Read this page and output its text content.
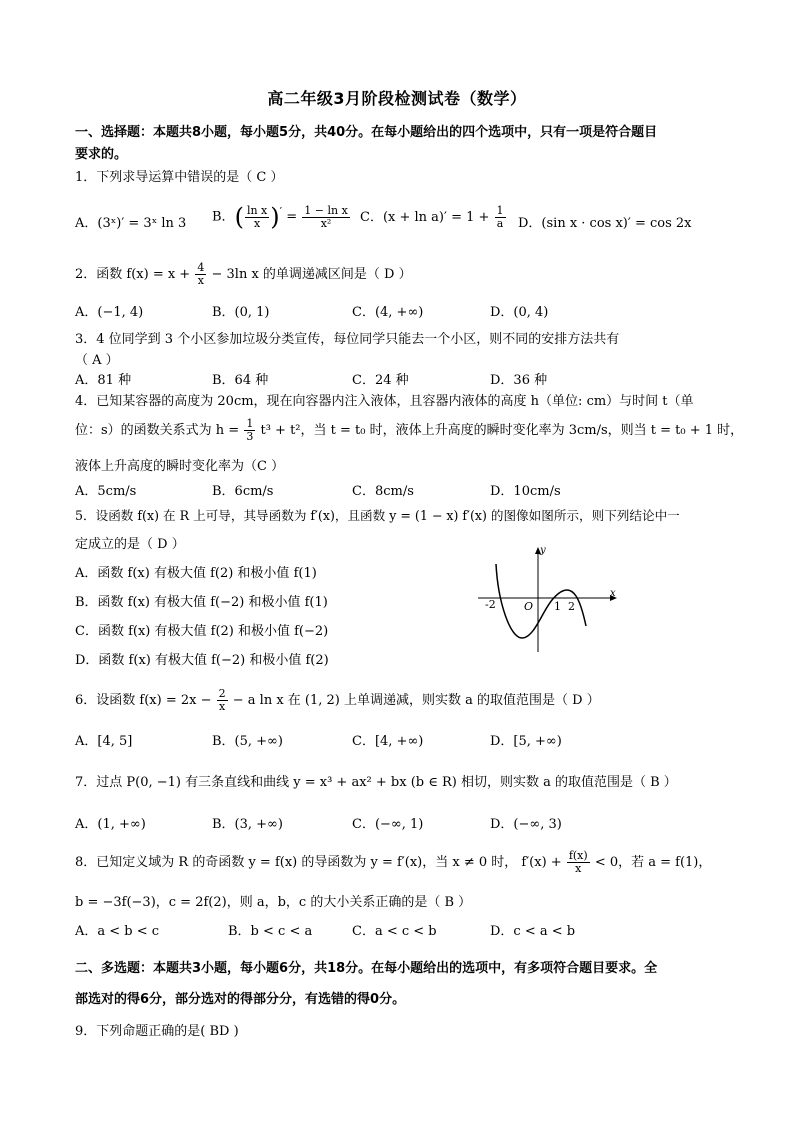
高二年级3月阶段检测试卷（数学）
一、选择题：本题共8小题，每小题5分，共40分。在每小题给出的四个选项中，只有一项是符合题目
要求的。
1．下列求导运算中错误的是（ C ）
A．(3ˣ)′ = 3ˣ ln 3 B．( $\frac{\text{ln x}}{x} )' = \frac{\text{1 − ln x}}{\text{x²}}$ C．$(x + \ln a)' = 1 + \frac{1}{a}$ D．(sin x · cos x)′ = cos 2x
2．函数 $f(x) = x + \frac{4}{x} - 3\ln$ x 的单调递减区间是（ D ）
A．(−1, 4)	B．(0, 1)	C．(4, +∞)	D．(0, 4)
3．4 位同学到 3 个小区参加垃圾分类宣传，每位同学只能去一个小区，则不同的安排方法共有
（ A ）
A．81 种	B．64 种	C．24 种	D．36 种
4．已知某容器的高度为 20cm，现在向容器内注入液体，且容器内液体的高度 h（单位: cm）与时间 t（单
位：s）的函数关系式为 $h = \frac{1}{3} t^3 + t^2$，当 t = t₀ 时，液体上升高度的瞬时变化率为 3cm/s，则当 t = t₀ + 1 时，
液体上升高度的瞬时变化率为（C ）
A．5cm/s	B．6cm/s	C．8cm/s	D．10cm/s
5．设函数 f(x) 在 R 上可导，其导函数为 f′(x)，且函数 y = (1 − x) f′(x) 的图像如图所示，则下列结论中一
定成立的是（ D ）
A．函数 f(x) 有极大值 f(2) 和极小值 f(1)
B．函数 f(x) 有极大值 f(−2) 和极小值 f(1)
C．函数 f(x) 有极大值 f(2) 和极小值 f(−2)
D．函数 f(x) 有极大值 f(−2) 和极小值 f(2)
y
x
O
-2	1 2
6．设函数 $f(x) = 2x - \frac{2}{x} - a$ ln x 在 (1, 2) 上单调递减，则实数 a 的取值范围是（ D ）
A．[4, 5]	B．(5, +∞)	C．[4, +∞)	D．[5, +∞)
7．过点 P(0, −1) 有三条直线和曲线 y = x³ + ax² + bx (b ∈ R) 相切，则实数 a 的取值范围是（ B ）
A．(1, +∞)	B．(3, +∞)	C．(−∞, 1)	D．(−∞, 3)
8．已知定义域为 R 的奇函数 y = f(x) 的导函数为 y = f′(x)，当 x ≠ 0 时， $f'(x) + \frac{f(x)}{x} < 0$，若 a = f(1)，
b = −3f(−3)，c = 2f(2)，则 a，b，c 的大小关系正确的是（ B ）
A．a < b < c	B．b < c < a	C．a < c < b	D．c < a < b
二、多选题：本题共3小题，每小题6分，共18分。在每小题给出的选项中，有多项符合题目要求。全
部选对的得6分，部分选对的得部分分，有选错的得0分。
9．下列命题正确的是( BD )
